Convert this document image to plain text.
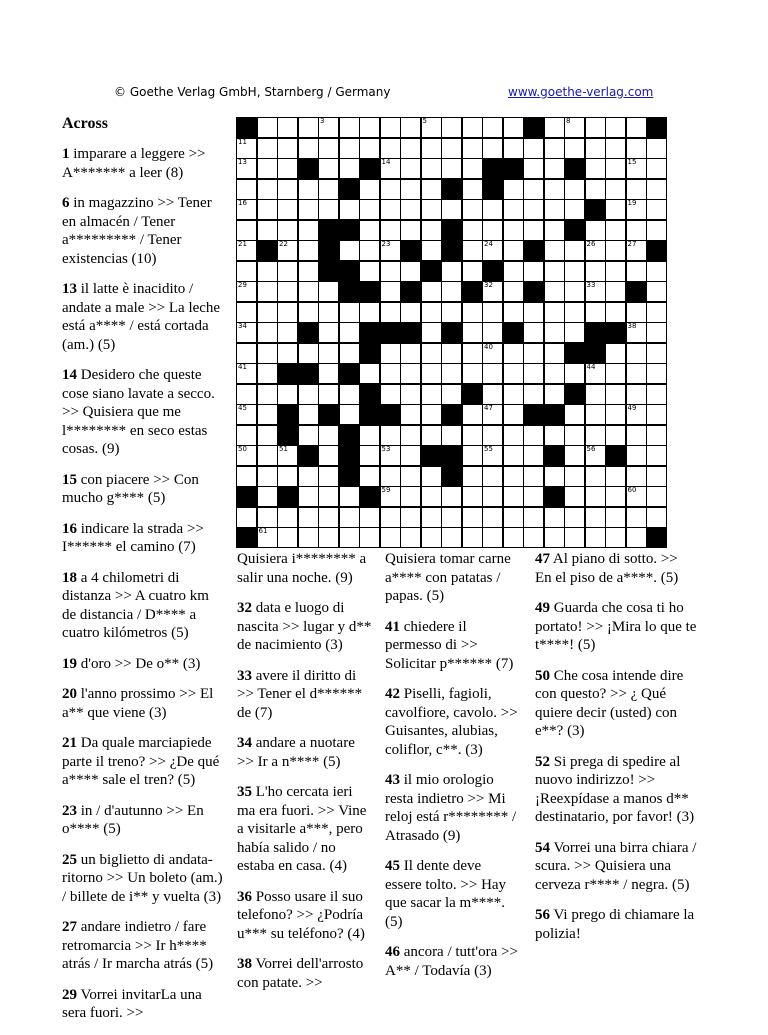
© Goethe Verlag GmbH, Starnberg / Germany	www.goethe-verlag.com
Across	3	5	7	8
11
13	14	15
16	19
21	22	23	24	26	27
29	32	33
34	35	36	38
40
41	44
45	46	47	49
50	51	53	55	56
58	59	60
61

1 imparare a leggere >> A******* a leer (8)

6 in magazzino >> Tener en almacén / Tener a********* / Tener existencias (10)

13 il latte è inacidito / andate a male >> La leche está a**** / está cortada (am.) (5)

14 Desidero che queste cose siano lavate a secco. >> Quisiera que me l******** en seco estas cosas. (9)

15 con piacere >> Con mucho g**** (5)

16 indicare la strada >> I****** el camino (7)

18 a 4 chilometri di distanza >> A cuatro km de distancia / D**** a cuatro kilómetros (5)

19 d'oro >> De o** (3)

20 l'anno prossimo >> El a** que viene (3)

21 Da quale marciapiede parte il treno? >> ¿De qué a**** sale el tren? (5)

23 in / d'autunno >> En o**** (5)

25 un biglietto di andata-ritorno >> Un boleto (am.) / billete de i** y vuelta (3)

27 andare indietro / fare retromarcia >> Ir h**** atrás / Ir marcha atrás (5)

29 Vorrei invitarLa una sera fuori. >>

Quisiera i******** a salir una noche. (9)

32 data e luogo di nascita >> lugar y d** de nacimiento (3)

33 avere il diritto di >> Tener el d****** de (7)

34 andare a nuotare >> Ir a n**** (5)

35 L'ho cercata ieri ma era fuori. >> Vine a visitarle a***, pero había salido / no estaba en casa. (4)

36 Posso usare il suo telefono? >> ¿Podría u*** su teléfono? (4)

38 Vorrei dell'arrosto con patate. >>

Quisiera tomar carne a**** con patatas / papas. (5)

41 chiedere il permesso di >> Solicitar p****** (7)

42 Piselli, fagioli, cavolfiore, cavolo. >> Guisantes, alubias, coliflor, c**. (3)

43 il mio orologio resta indietro >> Mi reloj está r******** / Atrasado (9)

45 Il dente deve essere tolto. >> Hay que sacar la m****. (5)

46 ancora / tutt'ora >> A** / Todavía (3)

47 Al piano di sotto. >> En el piso de a****. (5)

49 Guarda che cosa ti ho portato! >> ¡Mira lo que te t****! (5)

50 Che cosa intende dire con questo? >> ¿ Qué quiere decir (usted) con e**? (3)

52 Si prega di spedire al nuovo indirizzo! >> ¡Reexpídase a manos d** destinatario, por favor! (3)

54 Vorrei una birra chiara / scura. >> Quisiera una cerveza r**** / negra. (5)

56 Vi prego di chiamare la polizia!
